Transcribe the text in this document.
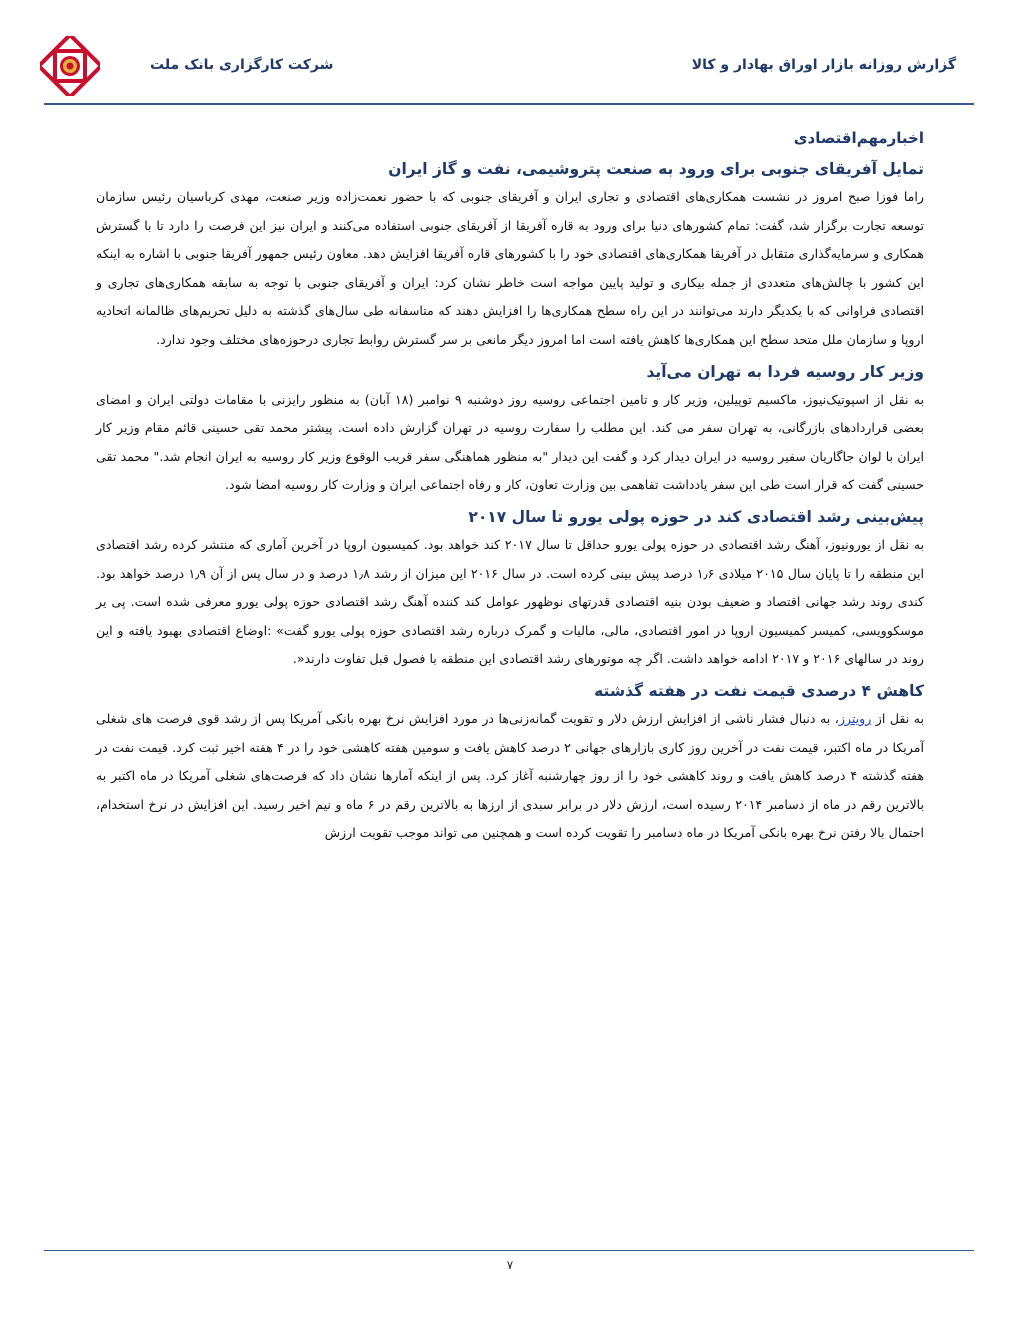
گزارش روزانه بازار اوراق بهادار و کالا
شرکت کارگزاری بانک ملت
اخبارمهم‌اقتصادی
تمایل آفریقای جنوبی برای ورود به صنعت پتروشیمی، نفت و گاز ایران

راما فوزا صبح امروز در نشست همکاری‌های اقتصادی و تجاری ایران و آفریقای جنوبی که با حضور نعمت‌زاده وزیر صنعت، مهدی کرباسیان رئیس سازمان توسعه تجارت برگزار شد، گفت: تمام کشورهای دنیا برای ورود به قاره آفریقا از آفریقای جنوبی استفاده می‌کنند و ایران نیز این فرصت را دارد تا با گسترش همکاری و سرمایه‌گذاری متقابل در آفریقا همکاری‌های اقتصادی خود را با کشورهای قاره آفریقا افزایش دهد. معاون رئیس جمهور آفریقا جنوبی با اشاره به اینکه این کشور با چالش‌های متعددی از جمله بیکاری و تولید پایین مواجه است خاطر نشان کرد: ایران و آفریقای جنوبی با توجه به سابقه همکاری‌های تجاری و اقتصادی فراوانی که با یکدیگر دارند می‌توانند در این راه سطح همکاری‌ها را افزایش دهند که متاسفانه طی سال‌های گذشته به دلیل تحریم‌های ظالمانه اتحادیه اروپا و سازمان ملل متحد سطح این همکاری‌ها کاهش یافته است اما امروز دیگر مانعی بر سر گسترش روابط تجاری درحوزه‌های مختلف وجود ندارد.

وزیر کار روسیه فردا به تهران می‌آید

به نقل از اسپوتیک‌نیوز، ماکسیم توپیلین، وزیر کار و تامین اجتماعی روسیه روز دوشنبه ۹ نوامبر (۱۸ آبان) به منظور رایزنی با مقامات دولتی ایران و امضای بعضی قراردادهای بازرگانی، به تهران سفر می کند. این مطلب را سفارت روسیه در تهران گزارش داده است. پیشتر محمد تقی حسینی قائم مقام وزیر کار ایران با لوان جاگاریان سفیر روسیه در ایران دیدار کرد و گفت این دیدار "به منظور هماهنگی سفر قریب الوقوع وزیر کار روسیه به ایران انجام شد." محمد تقی حسینی گفت که قرار است طی این سفر یادداشت تفاهمی بین وزارت تعاون، کار و رفاه اجتماعی ایران و وزارت کار روسیه امضا شود.

پیش‌بینی رشد اقتصادی کند در حوزه پولی یورو تا سال ۲۰۱۷

به نقل از یورونیوز، آهنگ رشد اقتصادی در حوزه پولی یورو حداقل تا سال ۲۰۱۷ کند خواهد بود. کمیسیون اروپا در آخرین آماری که منتشر کرده رشد اقتصادی این منطقه را تا پایان سال ۲۰۱۵ میلادی ۱٫۶ درصد پیش بینی کرده است. در سال ۲۰۱۶ این میزان از رشد ۱٫۸ درصد و در سال پس از آن ۱٫۹ درصد خواهد بود. کندی روند رشد جهانی اقتصاد و ضعیف بودن بنیه اقتصادی قدرتهای نوظهور عوامل کند کننده آهنگ رشد اقتصادی حوزه پولی یورو معرفی شده است. پی یر موسکوویسی، کمیسر کمیسیون اروپا در امور اقتصادی، مالی، مالیات و گمرک درباره رشد اقتصادی حوزه پولی یورو گفت» :اوضاع اقتصادی بهبود یافته و این روند در سالهای ۲۰۱۶ و ۲۰۱۷ ادامه خواهد داشت. اگر چه موتورهای رشد اقتصادی این منطقه با فصول قبل تفاوت دارند«.

کاهش ۴ درصدی قیمت نفت در هفته گذشته

به نقل از رویترز، به دنبال فشار ناشی از افزایش ارزش دلار و تقویت گمانه‌زنی‌ها در مورد افزایش نرخ بهره بانکی آمریکا پس از رشد قوی فرصت های شغلی آمریکا در ماه اکتبر، قیمت نفت در آخرین روز کاری بازارهای جهانی ۲ درصد کاهش یافت و سومین هفته کاهشی خود را در ۴ هفته اخیر ثبت کرد. قیمت نفت در هفته گذشته ۴ درصد کاهش یافت و روند کاهشی خود را از روز چهارشنبه آغاز کرد. پس از اینکه آمارها نشان داد که فرصت‌های شغلی آمریکا در ماه اکتبر به بالاترین رقم در ماه از دسامبر ۲۰۱۴ رسیده است، ارزش دلار در برابر سبدی از ارزها به بالاترین رقم در ۶ ماه و نیم اخیر رسید. این افزایش در نرخ استخدام، احتمال بالا رفتن نرخ بهره بانکی آمریکا در ماه دسامبر را تقویت کرده است و همچنین می تواند موجب تقویت ارزش

۷
